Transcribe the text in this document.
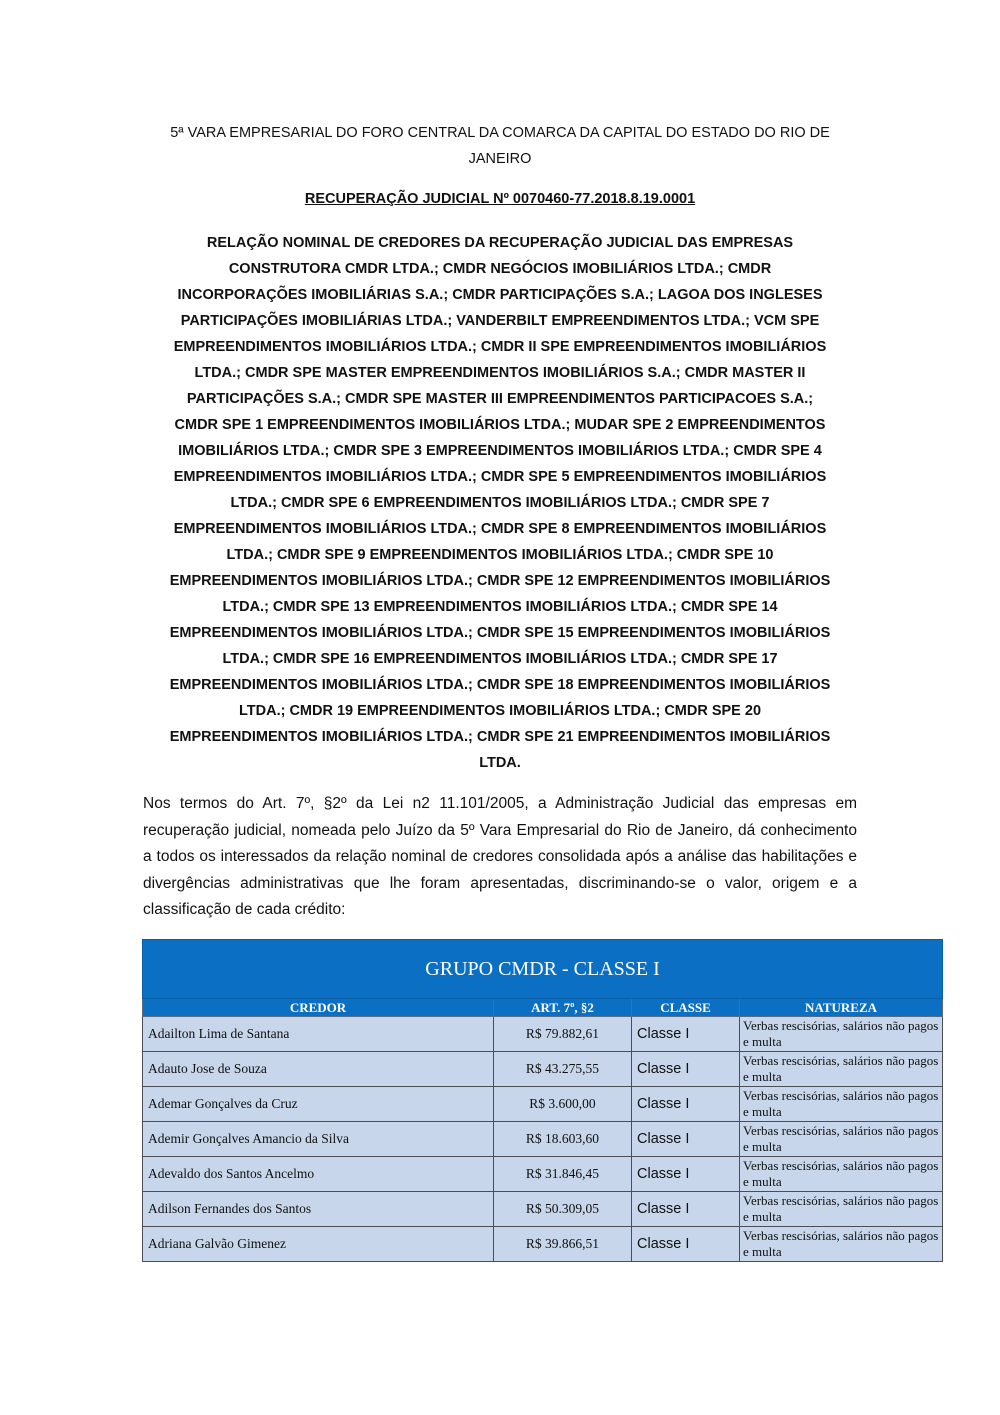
5ª VARA EMPRESARIAL DO FORO CENTRAL DA COMARCA DA CAPITAL DO ESTADO DO RIO DE
JANEIRO
RECUPERAÇÃO JUDICIAL Nº 0070460-77.2018.8.19.0001
RELAÇÃO NOMINAL DE CREDORES DA RECUPERAÇÃO JUDICIAL DAS EMPRESAS
CONSTRUTORA CMDR LTDA.; CMDR NEGÓCIOS IMOBILIÁRIOS LTDA.; CMDR
INCORPORAÇÕES IMOBILIÁRIAS S.A.; CMDR PARTICIPAÇÕES S.A.; LAGOA DOS INGLESES
PARTICIPAÇÕES IMOBILIÁRIAS LTDA.; VANDERBILT EMPREENDIMENTOS LTDA.; VCM SPE
EMPREENDIMENTOS IMOBILIÁRIOS LTDA.; CMDR II SPE EMPREENDIMENTOS IMOBILIÁRIOS
LTDA.; CMDR SPE MASTER EMPREENDIMENTOS IMOBILIÁRIOS S.A.; CMDR MASTER II
PARTICIPAÇÕES S.A.; CMDR SPE MASTER III EMPREENDIMENTOS PARTICIPACOES S.A.;
CMDR SPE 1 EMPREENDIMENTOS IMOBILIÁRIOS LTDA.; MUDAR SPE 2 EMPREENDIMENTOS
IMOBILIÁRIOS LTDA.; CMDR SPE 3 EMPREENDIMENTOS IMOBILIÁRIOS LTDA.; CMDR SPE 4
EMPREENDIMENTOS IMOBILIÁRIOS LTDA.; CMDR SPE 5 EMPREENDIMENTOS IMOBILIÁRIOS
LTDA.; CMDR SPE 6 EMPREENDIMENTOS IMOBILIÁRIOS LTDA.; CMDR SPE 7
EMPREENDIMENTOS IMOBILIÁRIOS LTDA.; CMDR SPE 8 EMPREENDIMENTOS IMOBILIÁRIOS
LTDA.; CMDR SPE 9 EMPREENDIMENTOS IMOBILIÁRIOS LTDA.; CMDR SPE 10
EMPREENDIMENTOS IMOBILIÁRIOS LTDA.; CMDR SPE 12 EMPREENDIMENTOS IMOBILIÁRIOS
LTDA.; CMDR SPE 13 EMPREENDIMENTOS IMOBILIÁRIOS LTDA.; CMDR SPE 14
EMPREENDIMENTOS IMOBILIÁRIOS LTDA.; CMDR SPE 15 EMPREENDIMENTOS IMOBILIÁRIOS
LTDA.; CMDR SPE 16 EMPREENDIMENTOS IMOBILIÁRIOS LTDA.; CMDR SPE 17
EMPREENDIMENTOS IMOBILIÁRIOS LTDA.; CMDR SPE 18 EMPREENDIMENTOS IMOBILIÁRIOS
LTDA.; CMDR 19 EMPREENDIMENTOS IMOBILIÁRIOS LTDA.; CMDR SPE 20
EMPREENDIMENTOS IMOBILIÁRIOS LTDA.; CMDR SPE 21 EMPREENDIMENTOS IMOBILIÁRIOS
LTDA.
Nos termos do Art. 7º, §2º da Lei n2 11.101/2005, a Administração Judicial das empresas em recuperação judicial, nomeada pelo Juízo da 5º Vara Empresarial do Rio de Janeiro, dá conhecimento a todos os interessados da relação nominal de credores consolidada após a análise das habilitações e divergências administrativas que lhe foram apresentadas, discriminando-se o valor, origem e a classificação de cada crédito:
GRUPO CMDR - CLASSE I			
CREDOR	ART. 7º, §2	CLASSE	NATUREZA
Adailton Lima de Santana	R$ 79.882,61	Classe I	Verbas rescisórias, salários não pagos e multa
Adauto Jose de Souza	R$ 43.275,55	Classe I	Verbas rescisórias, salários não pagos e multa
Ademar Gonçalves da Cruz	R$ 3.600,00	Classe I	Verbas rescisórias, salários não pagos e multa
Ademir Gonçalves Amancio da Silva	R$ 18.603,60	Classe I	Verbas rescisórias, salários não pagos e multa
Adevaldo dos Santos Ancelmo	R$ 31.846,45	Classe I	Verbas rescisórias, salários não pagos e multa
Adilson Fernandes dos Santos	R$ 50.309,05	Classe I	Verbas rescisórias, salários não pagos e multa
Adriana Galvão Gimenez	R$ 39.866,51	Classe I	Verbas rescisórias, salários não pagos e multa
